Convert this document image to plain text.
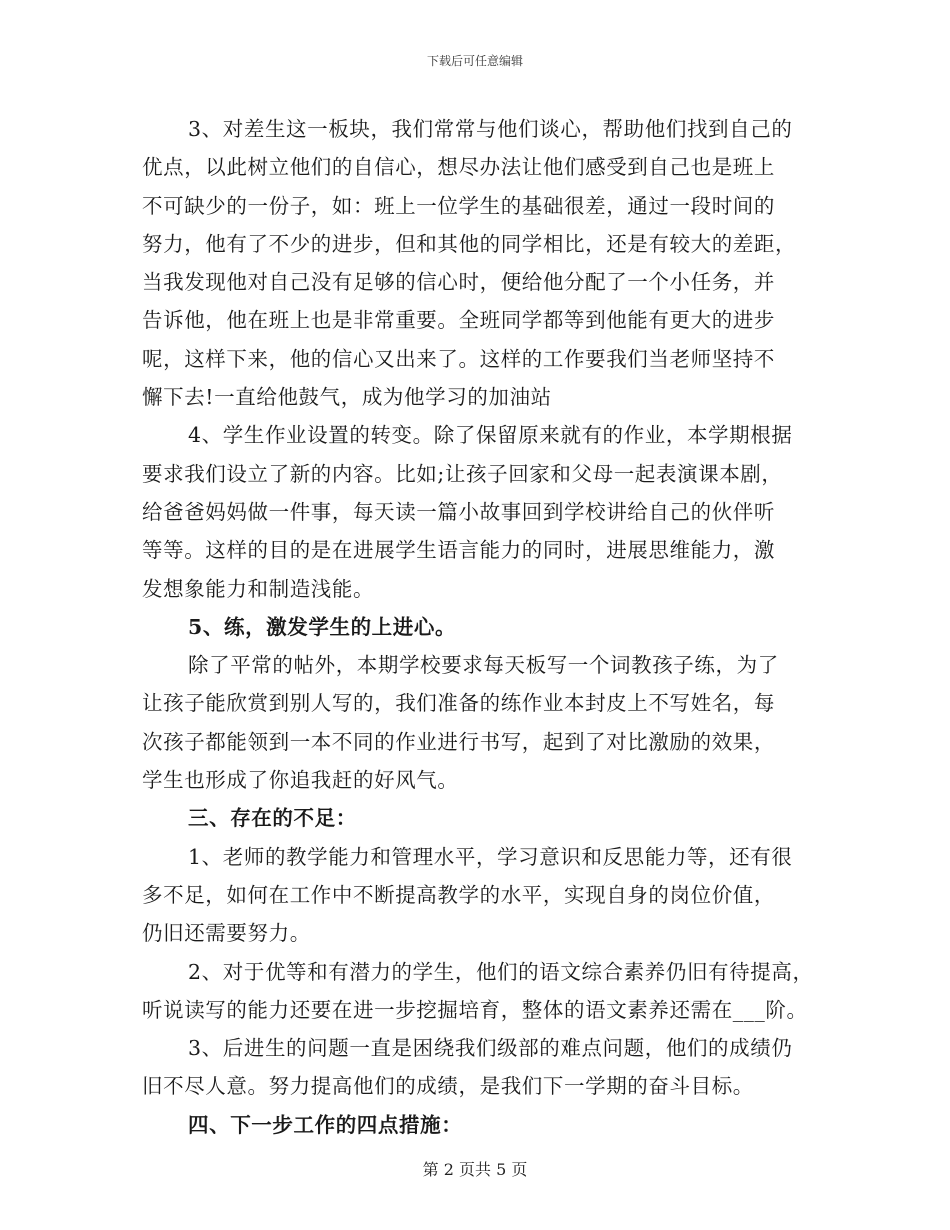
下载后可任意编辑
3、对差生这一板块，我们常常与他们谈心，帮助他们找到自己的
优点，以此树立他们的自信心，想尽办法让他们感受到自己也是班上
不可缺少的一份子，如：班上一位学生的基础很差，通过一段时间的
努力，他有了不少的进步，但和其他的同学相比，还是有较大的差距，
当我发现他对自己没有足够的信心时，便给他分配了一个小任务，并
告诉他，他在班上也是非常重要。全班同学都等到他能有更大的进步
呢，这样下来，他的信心又出来了。这样的工作要我们当老师坚持不
懈下去!一直给他鼓气，成为他学习的加油站
4、学生作业设置的转变。除了保留原来就有的作业，本学期根据
要求我们设立了新的内容。比如;让孩子回家和父母一起表演课本剧，
给爸爸妈妈做一件事，每天读一篇小故事回到学校讲给自己的伙伴听
等等。这样的目的是在进展学生语言能力的同时，进展思维能力，激
发想象能力和制造浅能。
5、练，激发学生的上进心。
除了平常的帖外，本期学校要求每天板写一个词教孩子练，为了
让孩子能欣赏到别人写的，我们准备的练作业本封皮上不写姓名，每
次孩子都能领到一本不同的作业进行书写，起到了对比激励的效果，
学生也形成了你追我赶的好风气。
三、存在的不足：
1、老师的教学能力和管理水平，学习意识和反思能力等，还有很
多不足，如何在工作中不断提高教学的水平，实现自身的岗位价值，
仍旧还需要努力。
2、对于优等和有潜力的学生，他们的语文综合素养仍旧有待提高，
听说读写的能力还要在进一步挖掘培育，整体的语文素养还需在___阶。
3、后进生的问题一直是困绕我们级部的难点问题，他们的成绩仍
旧不尽人意。努力提高他们的成绩，是我们下一学期的奋斗目标。
四、下一步工作的四点措施：
第 2 页共 5 页
